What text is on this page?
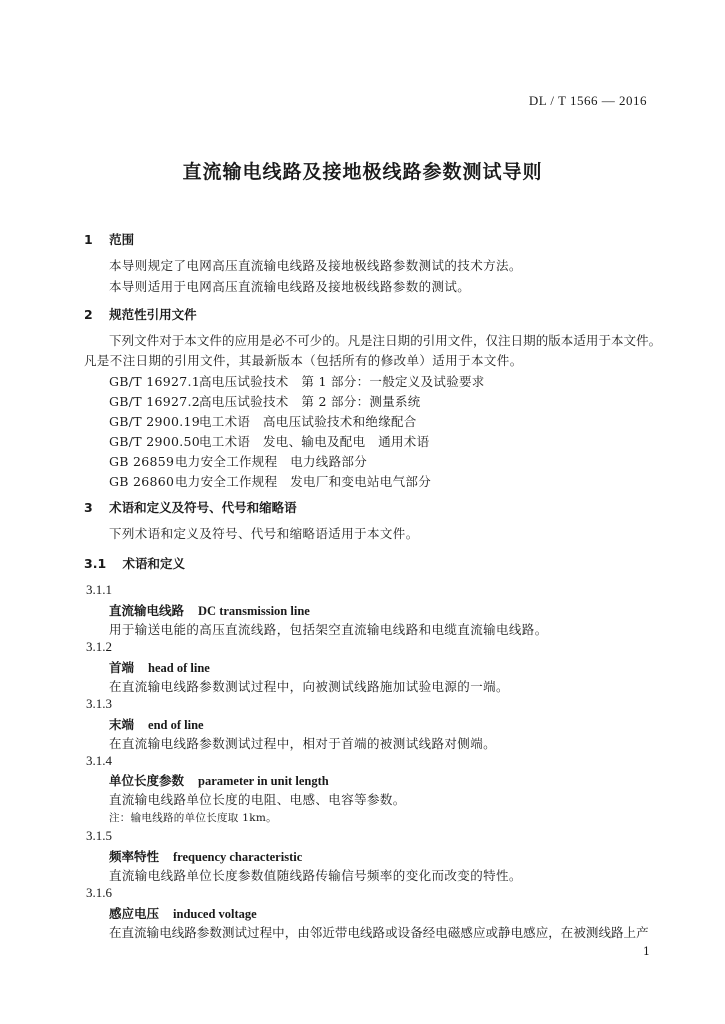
DL / T 1566 — 2016
直流输电线路及接地极线路参数测试导则
1 范围
本导则规定了电网高压直流输电线路及接地极线路参数测试的技术方法。
本导则适用于电网高压直流输电线路及接地极线路参数的测试。
2 规范性引用文件
下列文件对于本文件的应用是必不可少的。凡是注日期的引用文件，仅注日期的版本适用于本文件。
凡是不注日期的引用文件，其最新版本（包括所有的修改单）适用于本文件。
GB/T 16927.1高电压试验技术　第 1 部分：一般定义及试验要求
GB/T 16927.2高电压试验技术　第 2 部分：测量系统
GB/T 2900.19电工术语　高电压试验技术和绝缘配合
GB/T 2900.50电工术语　发电、输电及配电　通用术语
GB 26859电力安全工作规程　电力线路部分
GB 26860电力安全工作规程　发电厂和变电站电气部分
3 术语和定义及符号、代号和缩略语
下列术语和定义及符号、代号和缩略语适用于本文件。
3.1 术语和定义
3.1.1
直流输电线路 DC transmission line
用于输送电能的高压直流线路，包括架空直流输电线路和电缆直流输电线路。
3.1.2
首端 head of line
在直流输电线路参数测试过程中，向被测试线路施加试验电源的一端。
3.1.3
末端 end of line
在直流输电线路参数测试过程中，相对于首端的被测试线路对侧端。
3.1.4
单位长度参数 parameter in unit length
直流输电线路单位长度的电阻、电感、电容等参数。
注：输电线路的单位长度取 1km。
3.1.5
频率特性 frequency characteristic
直流输电线路单位长度参数值随线路传输信号频率的变化而改变的特性。
3.1.6
感应电压 induced voltage
在直流输电线路参数测试过程中，由邻近带电线路或设备经电磁感应或静电感应，在被测线路上产
1
